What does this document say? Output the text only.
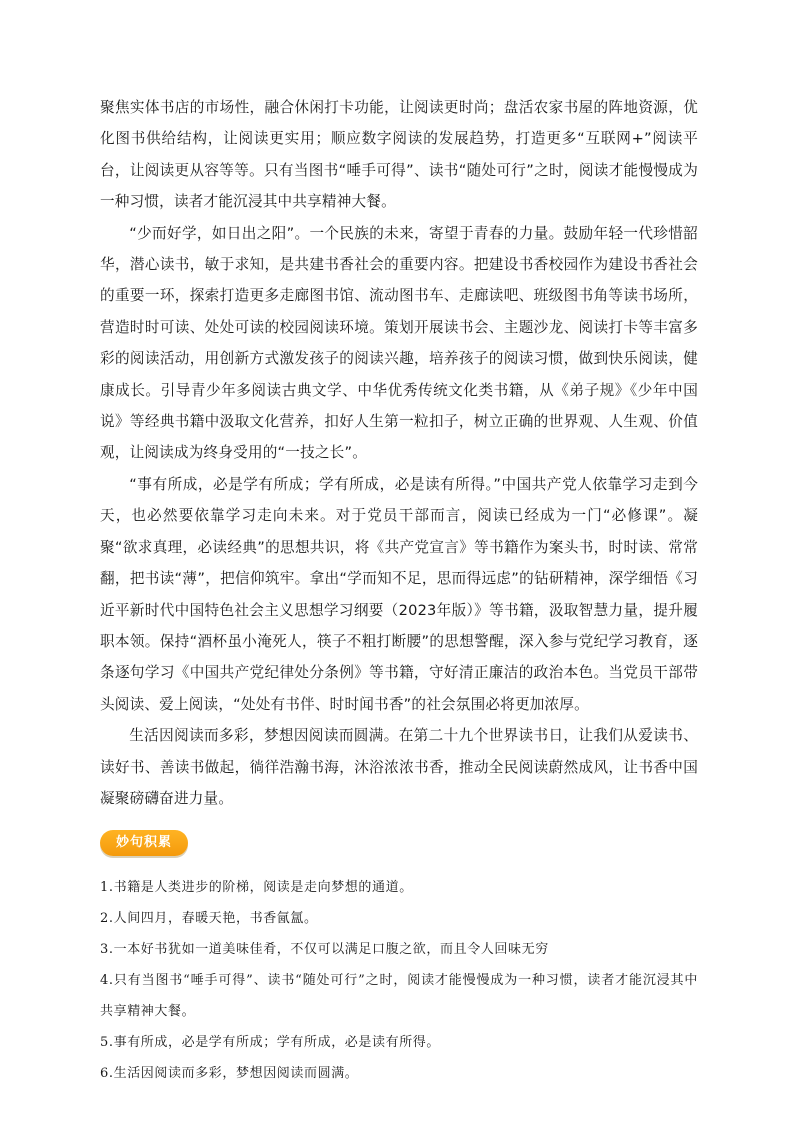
聚焦实体书店的市场性，融合休闲打卡功能，让阅读更时尚；盘活农家书屋的阵地资源，优化图书供给结构，让阅读更实用；顺应数字阅读的发展趋势，打造更多“互联网+”阅读平台，让阅读更从容等等。只有当图书“唾手可得”、读书“随处可行”之时，阅读才能慢慢成为一种习惯，读者才能沉浸其中共享精神大餐。

“少而好学，如日出之阳”。一个民族的未来，寄望于青春的力量。鼓励年轻一代珍惜韶华，潜心读书，敏于求知，是共建书香社会的重要内容。把建设书香校园作为建设书香社会的重要一环，探索打造更多走廊图书馆、流动图书车、走廊读吧、班级图书角等读书场所，营造时时可读、处处可读的校园阅读环境。策划开展读书会、主题沙龙、阅读打卡等丰富多彩的阅读活动，用创新方式激发孩子的阅读兴趣，培养孩子的阅读习惯，做到快乐阅读，健康成长。引导青少年多阅读古典文学、中华优秀传统文化类书籍，从《弟子规》《少年中国说》等经典书籍中汲取文化营养，扣好人生第一粒扣子，树立正确的世界观、人生观、价值观，让阅读成为终身受用的“一技之长”。

“事有所成，必是学有所成；学有所成，必是读有所得。”中国共产党人依靠学习走到今天，也必然要依靠学习走向未来。对于党员干部而言，阅读已经成为一门“必修课”。凝聚“欲求真理，必读经典”的思想共识，将《共产党宣言》等书籍作为案头书，时时读、常常翻，把书读“薄”，把信仰筑牢。拿出“学而知不足，思而得远虑”的钻研精神，深学细悟《习近平新时代中国特色社会主义思想学习纲要（2023年版）》等书籍，汲取智慧力量，提升履职本领。保持“酒杯虽小淹死人，筷子不粗打断腰”的思想警醒，深入参与党纪学习教育，逐条逐句学习《中国共产党纪律处分条例》等书籍，守好清正廉洁的政治本色。当党员干部带头阅读、爱上阅读，“处处有书伴、时时闻书香”的社会氛围必将更加浓厚。

生活因阅读而多彩，梦想因阅读而圆满。在第二十九个世界读书日，让我们从爱读书、读好书、善读书做起，徜徉浩瀚书海，沐浴浓浓书香，推动全民阅读蔚然成风，让书香中国凝聚磅礴奋进力量。

妙句积累
1.书籍是人类进步的阶梯，阅读是走向梦想的通道。
2.人间四月，春暖天艳，书香氤氲。
3.一本好书犹如一道美味佳肴，不仅可以满足口腹之欲，而且令人回味无穷
4.只有当图书“唾手可得”、读书“随处可行”之时，阅读才能慢慢成为一种习惯，读者才能沉浸其中共享精神大餐。
5.事有所成，必是学有所成；学有所成，必是读有所得。
6.生活因阅读而多彩，梦想因阅读而圆满。
